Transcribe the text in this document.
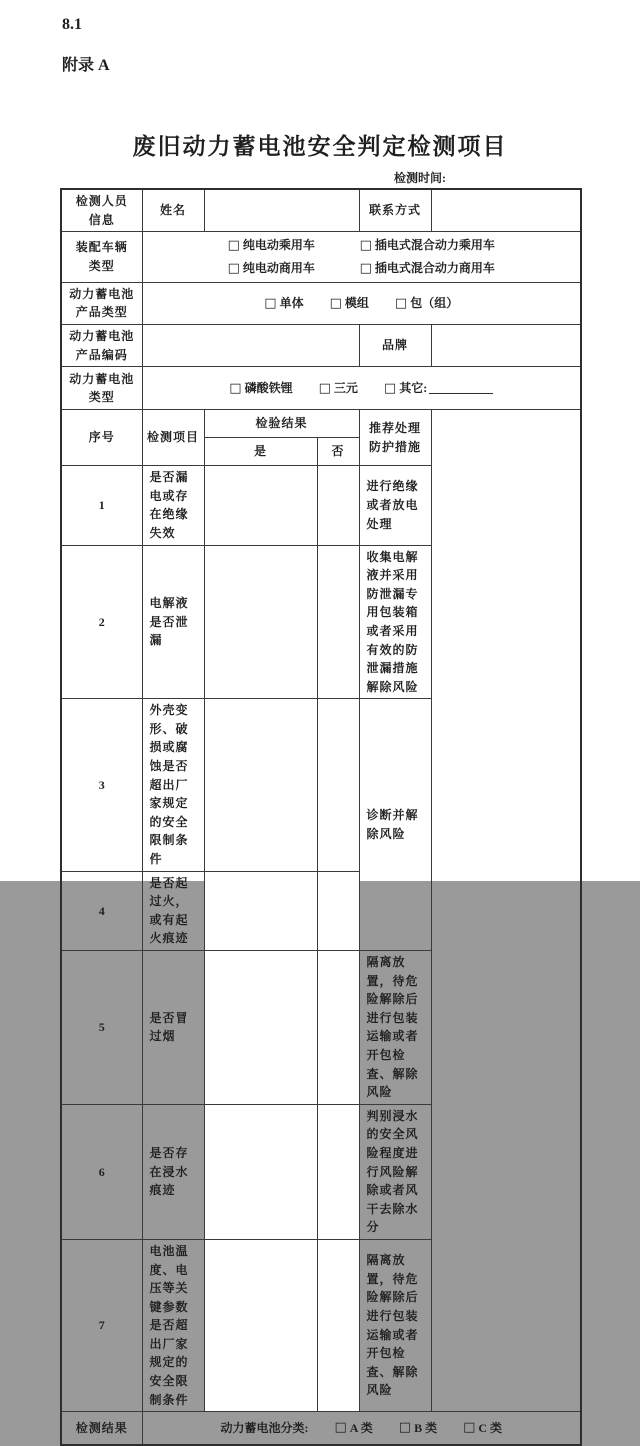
8.1
附录 A
废旧动力蓄电池安全判定检测项目
检测时间:
检测人员
信息	姓名			联系方式	

装配车辆
类型

□ 纯电动乘用车	□ 插电式混合动力乘用车
□ 纯电动商用车	□ 插电式混合动力商用车

动力蓄电池
产品类型

□ 单体 □ 模组 □ 包（组）

动力蓄电池
产品编码				品牌	

动力蓄电池
类型

□ 磷酸铁锂 □ 三元 □ 其它:

序号	检测项目	检验结果		推荐处理防护措施	
		是	否		
1	是否漏电或存在绝缘失效			进行绝缘或者放电处理	
2	电解液是否泄漏			收集电解液并采用防泄漏专用包装箱或者采用有效的防泄漏措施解除风险	
3	外壳变形、破损或腐蚀是否超出厂家规定的安全限制条件			诊断并解除风险	
4	是否起过火，或有起火痕迹				
5	是否冒过烟			隔离放置，待危险解除后进行包装运输或者开包检查、解除风险	
6	是否存在浸水痕迹			判别浸水的安全风险程度进行风险解除或者风干去除水分	
7	电池温度、电压等关键参数是否超出厂家规定的安全限制条件			隔离放置，待危险解除后进行包装运输或者开包检查、解除风险	
检测结果	动力蓄电池分类: □ A 类 □ B 类 □ C 类
